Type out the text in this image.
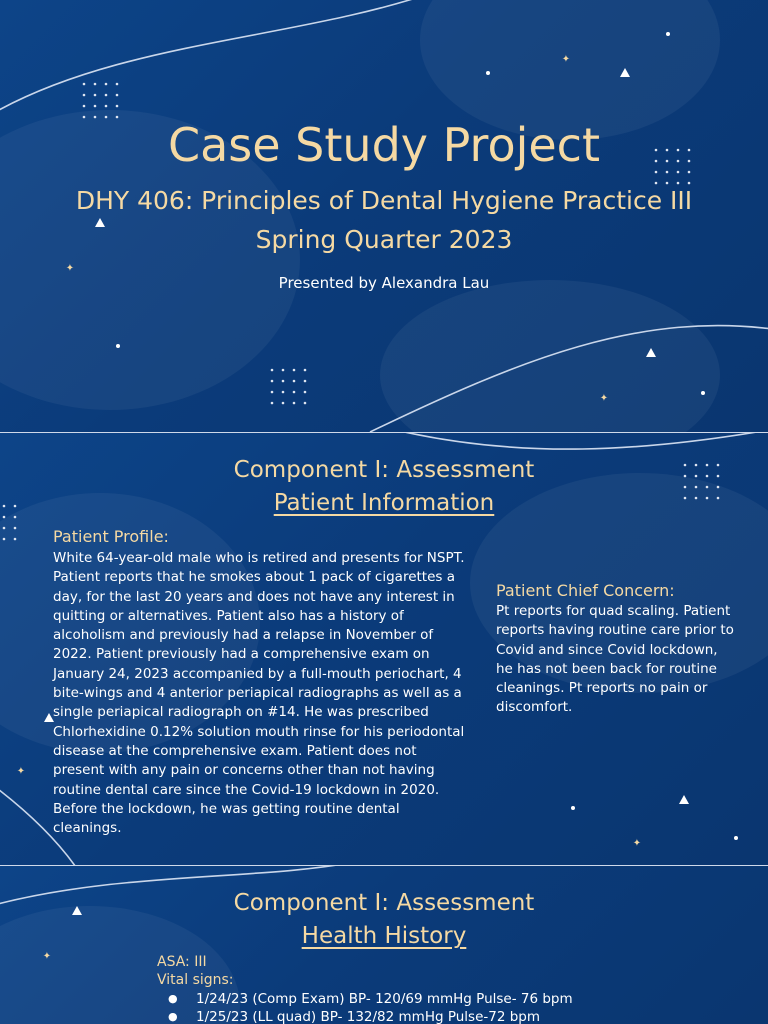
✦
✦
✦
Case Study Project
DHY 406: Principles of Dental Hygiene Practice III
Spring Quarter 2023
Presented by Alexandra Lau
✦
✦
Component I: Assessment
Patient Information
Patient Profile:
White 64-year-old male who is retired and presents for NSPT. Patient reports that he smokes about 1 pack of cigarettes a day, for the last 20 years and does not have any interest in quitting or alternatives. Patient also has a history of alcoholism and previously had a relapse in November of 2022. Patient previously had a comprehensive exam on January 24, 2023 accompanied by a full-mouth periochart, 4 bite-wings and 4 anterior periapical radiographs as well as a single periapical radiograph on #14. He was prescribed Chlorhexidine 0.12% solution mouth rinse for his periodontal disease at the comprehensive exam. Patient does not present with any pain or concerns other than not having routine dental care since the Covid-19 lockdown in 2020. Before the lockdown, he was getting routine dental cleanings.
Patient Chief Concern:
Pt reports for quad scaling. Patient reports having routine care prior to Covid and since Covid lockdown, he has not been back for routine cleanings. Pt reports no pain or discomfort.
✦
Component I: Assessment
Health History
ASA: III
Vital signs:
● 1/24/23 (Comp Exam) BP- 120/69 mmHg Pulse- 76 bpm
● 1/25/23 (LL quad) BP- 132/82 mmHg Pulse-72 bpm
